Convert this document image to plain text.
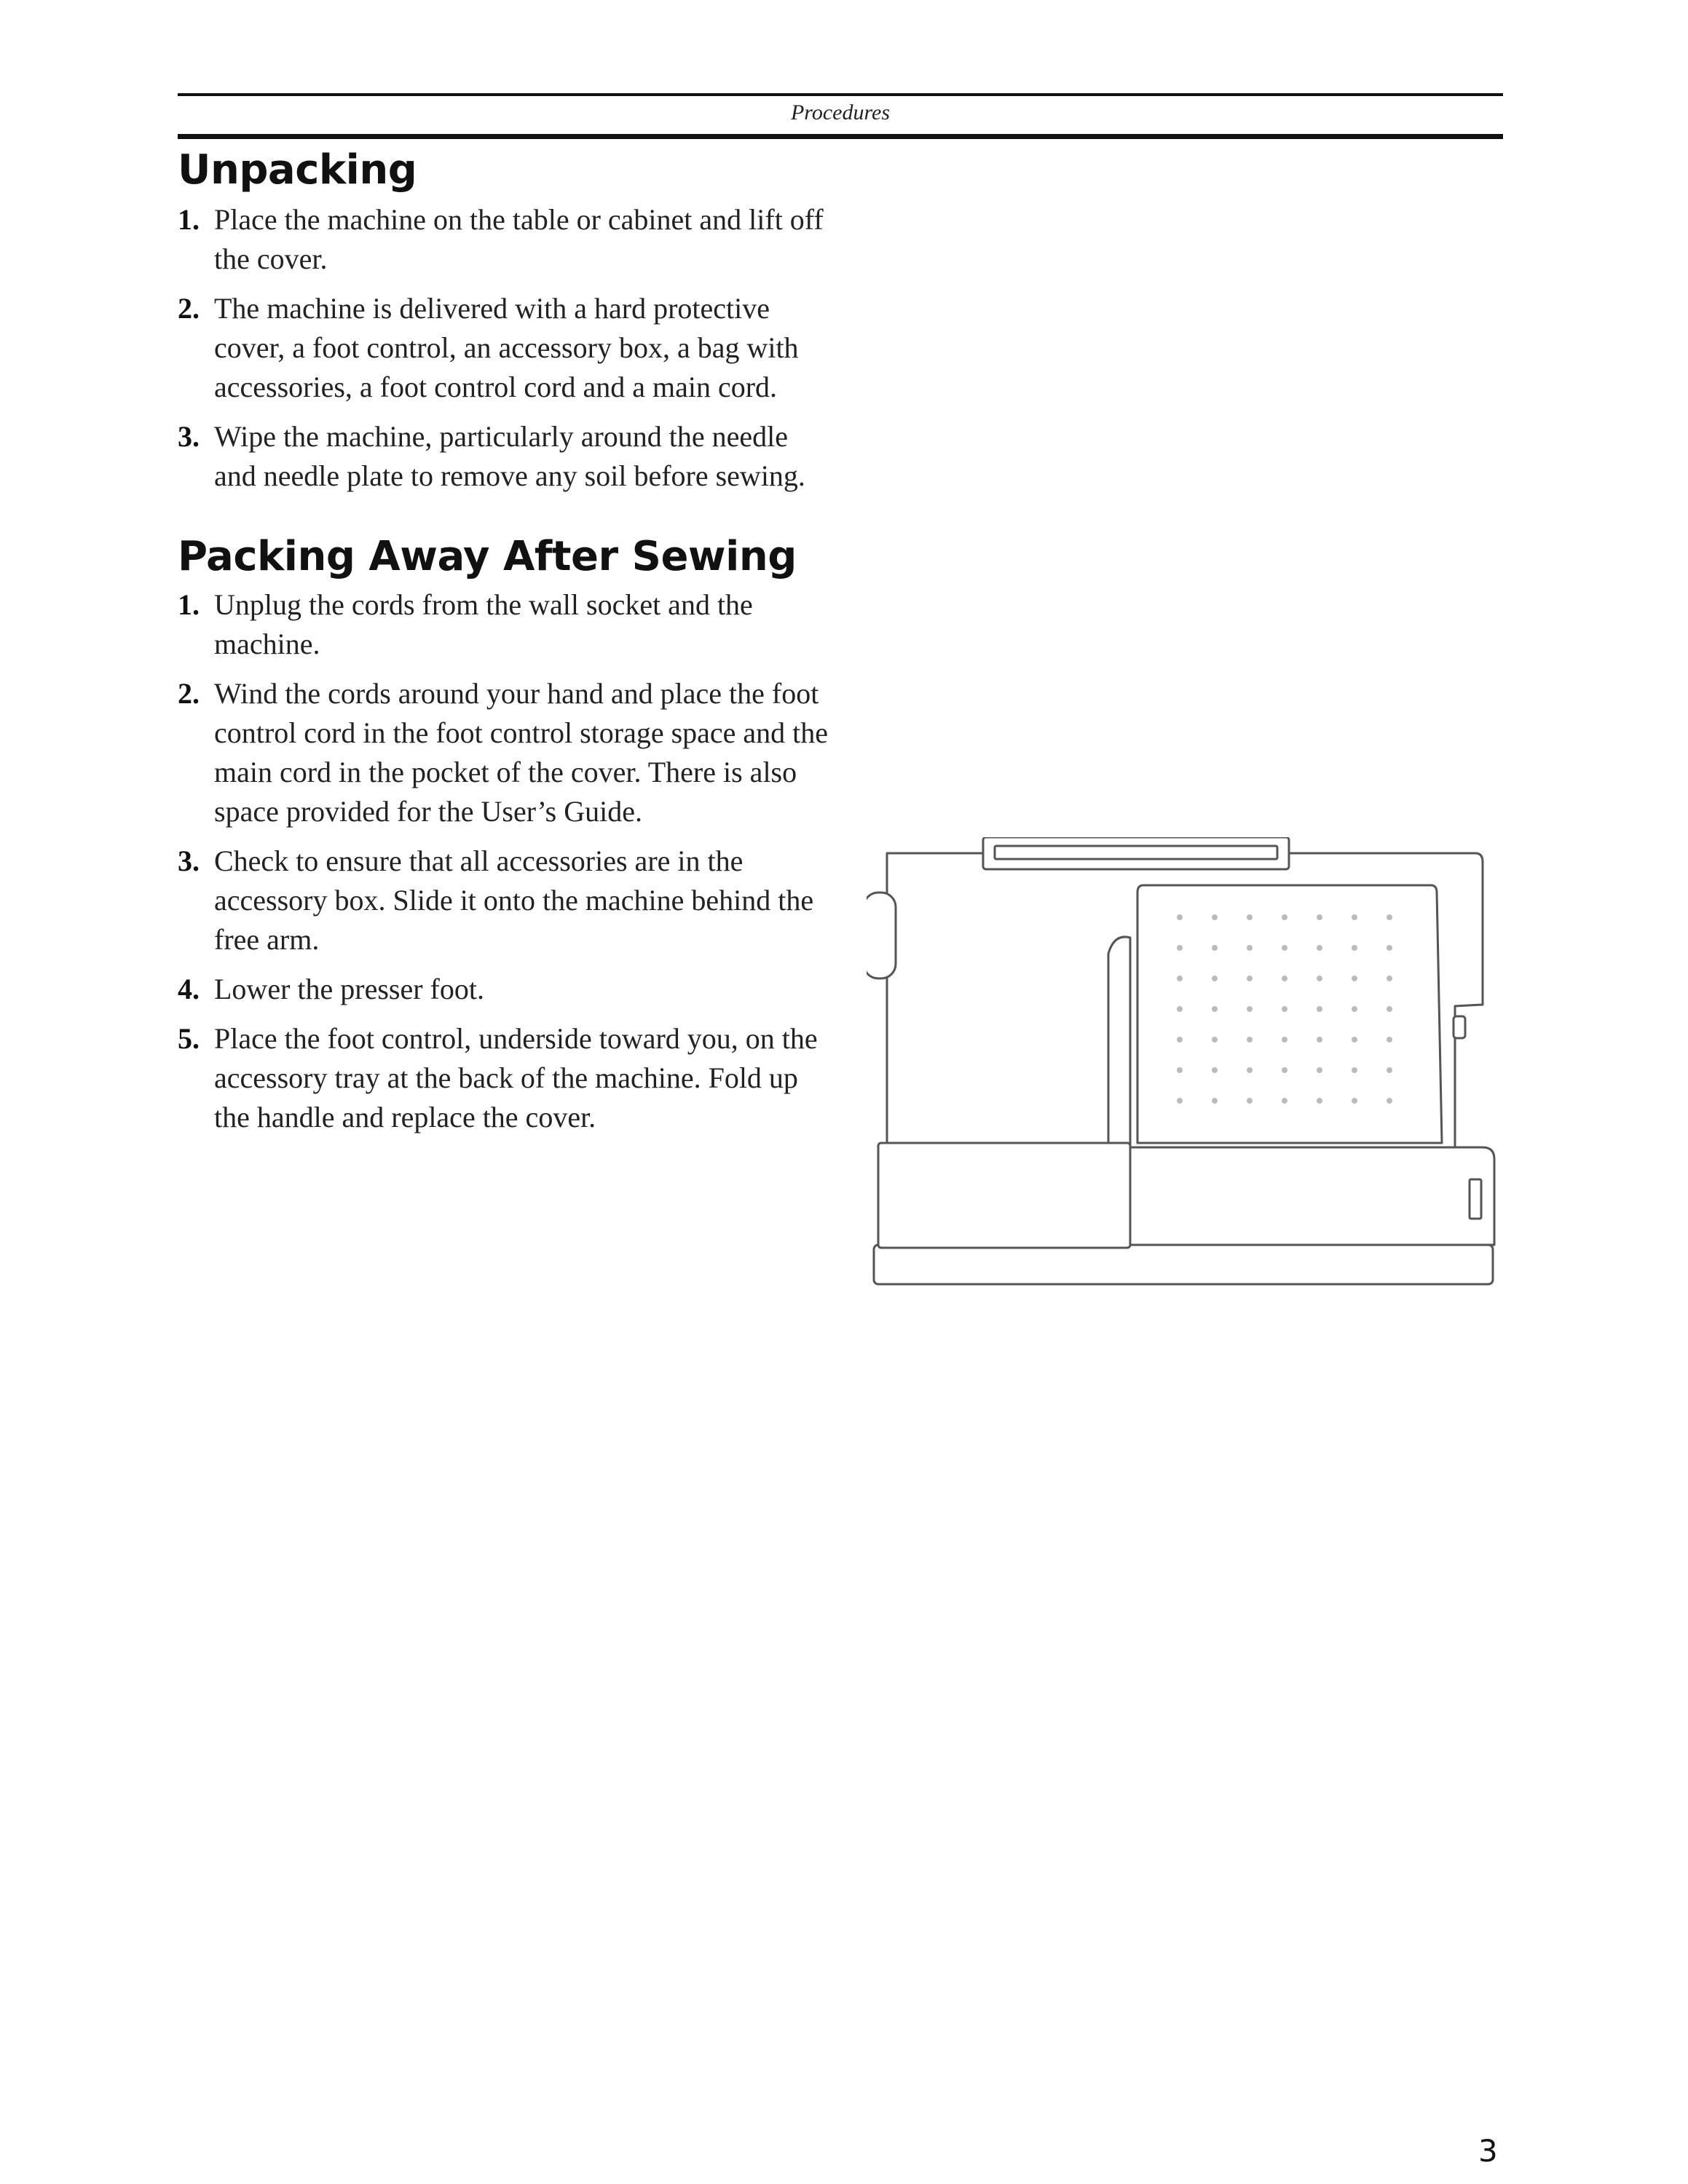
Procedures
Unpacking
1. Place the machine on the table or cabinet and lift off the cover.
2. The machine is delivered with a hard protective cover, a foot control, an accessory box, a bag with accessories, a foot control cord and a main cord.
3. Wipe the machine, particularly around the needle and needle plate to remove any soil before sewing.
Packing Away After Sewing
1. Unplug the cords from the wall socket and the machine.
2. Wind the cords around your hand and place the foot control cord in the foot control storage space and the main cord in the pocket of the cover. There is also space provided for the User’s Guide.
3. Check to ensure that all accessories are in the accessory box. Slide it onto the machine behind the free arm.
4. Lower the presser foot.
5. Place the foot control, underside toward you, on the accessory tray at the back of the machine. Fold up the handle and replace the cover.
3
